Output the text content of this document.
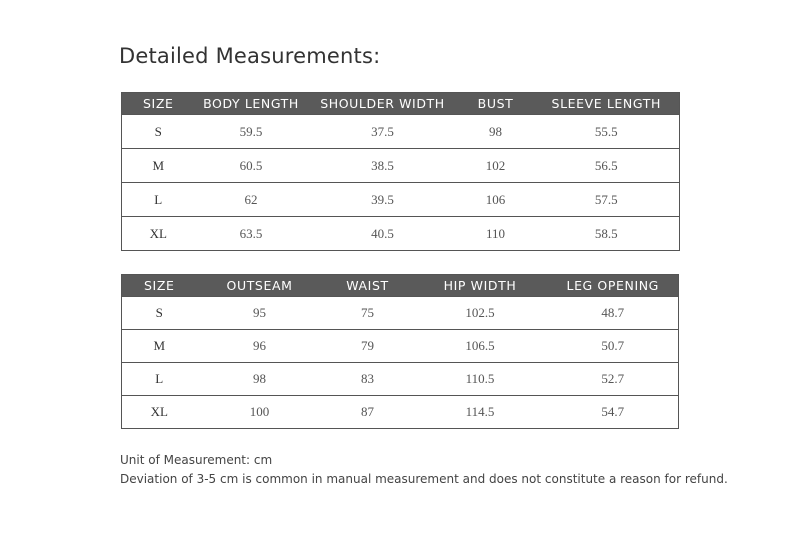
Detailed Measurements:
SIZE	BODY LENGTH	SHOULDER WIDTH	BUST	SLEEVE LENGTH
S	59.5	37.5	98	55.5
M	60.5	38.5	102	56.5
L	62	39.5	106	57.5
XL	63.5	40.5	110	58.5
SIZE	OUTSEAM	WAIST	HIP WIDTH	LEG OPENING
S	95	75	102.5	48.7
M	96	79	106.5	50.7
L	98	83	110.5	52.7
XL	100	87	114.5	54.7
Unit of Measurement: cm
Deviation of 3-5 cm is common in manual measurement and does not constitute a reason for refund.
